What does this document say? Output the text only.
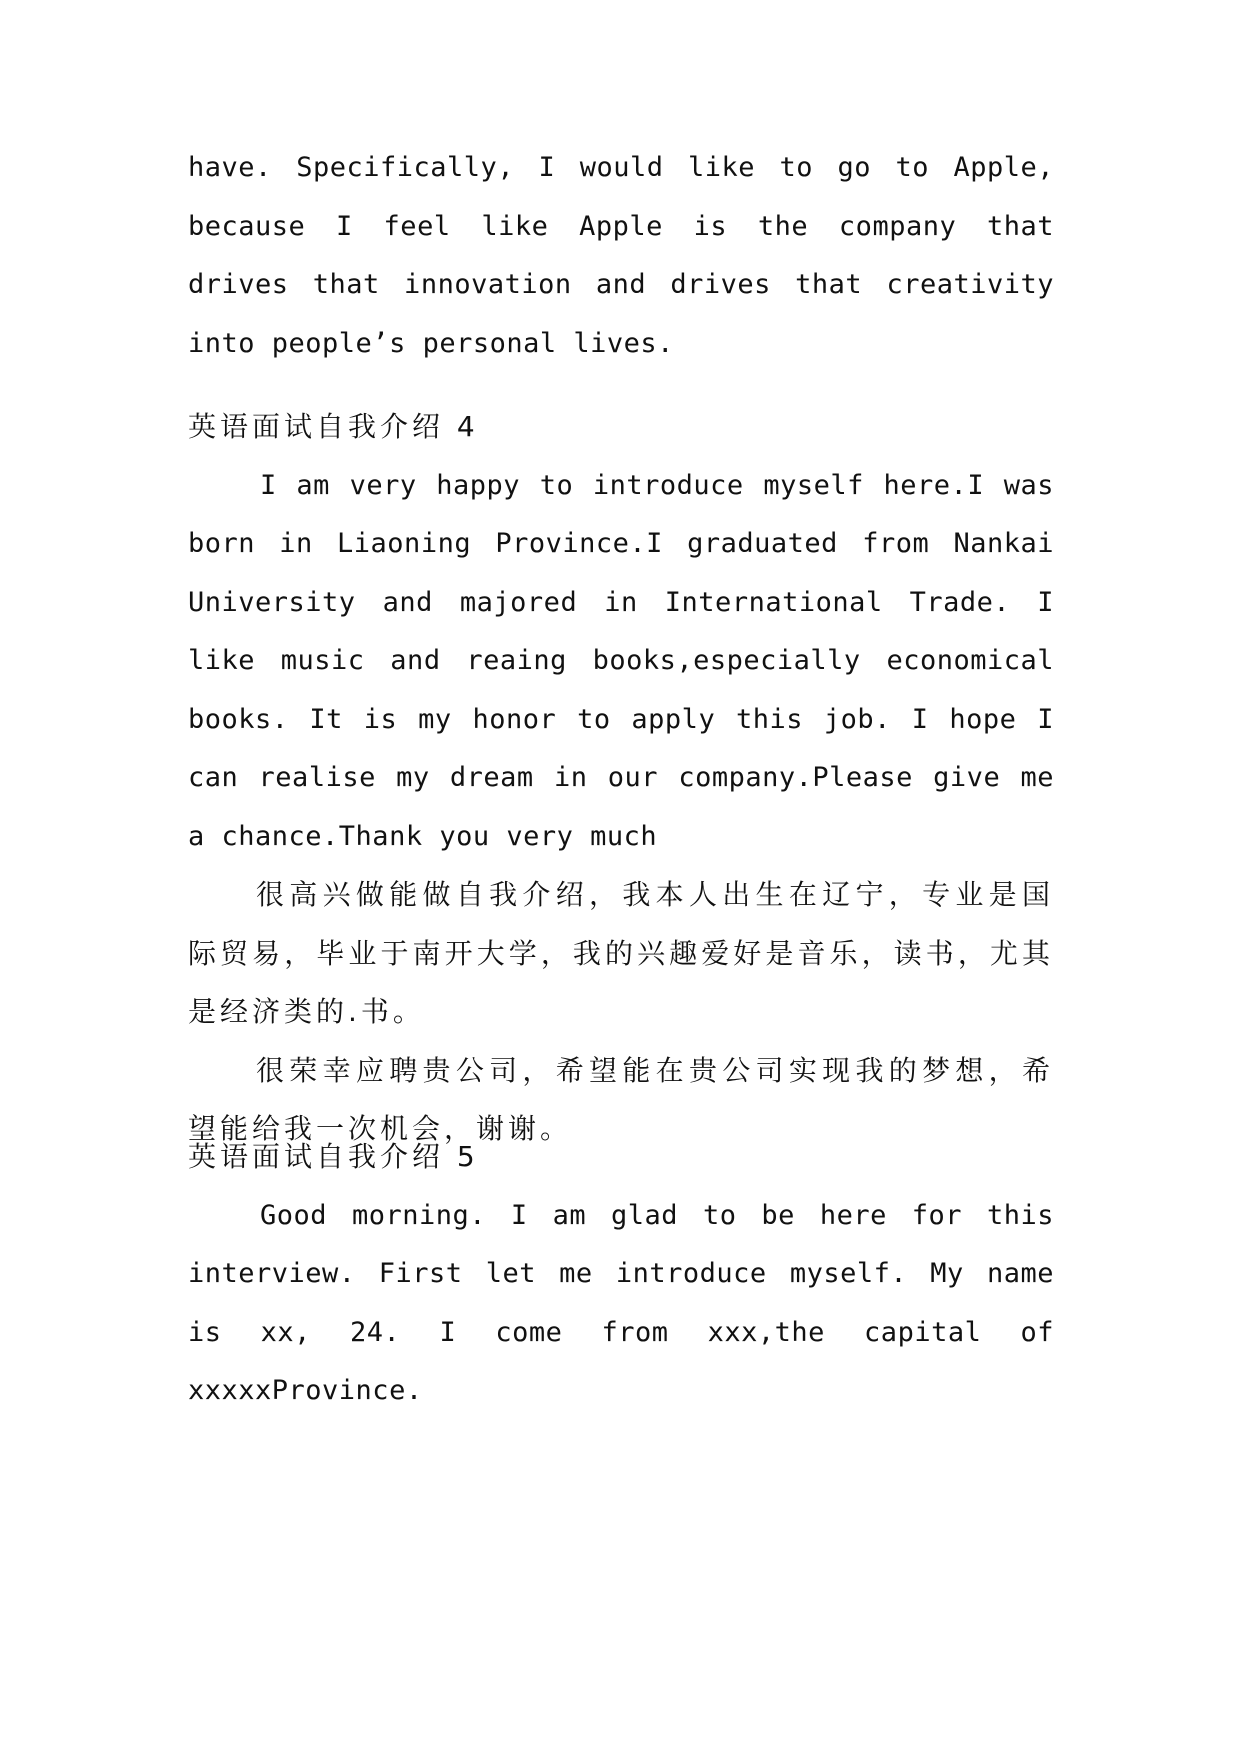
have. Specifically, I would like to go to Apple, because I feel like Apple is the company that drives that innovation and drives that creativity into people’s personal lives.

英语面试自我介绍 4

I am very happy to introduce myself here.I was born in Liaoning Province.I graduated from Nankai University and majored in International Trade. I like music and reaing books,especially economical books. It is my honor to apply this job. I hope I can realise my dream in our company.Please give me a chance.Thank you very much

很高兴做能做自我介绍，我本人出生在辽宁，专业是国际贸易，毕业于南开大学，我的兴趣爱好是音乐，读书，尤其是经济类的.书。

很荣幸应聘贵公司，希望能在贵公司实现我的梦想，希望能给我一次机会，谢谢。

英语面试自我介绍 5

Good morning. I am glad to be here for this interview. First let me introduce myself. My name is xx, 24. I come from xxx,the capital of xxxxxProvince.
